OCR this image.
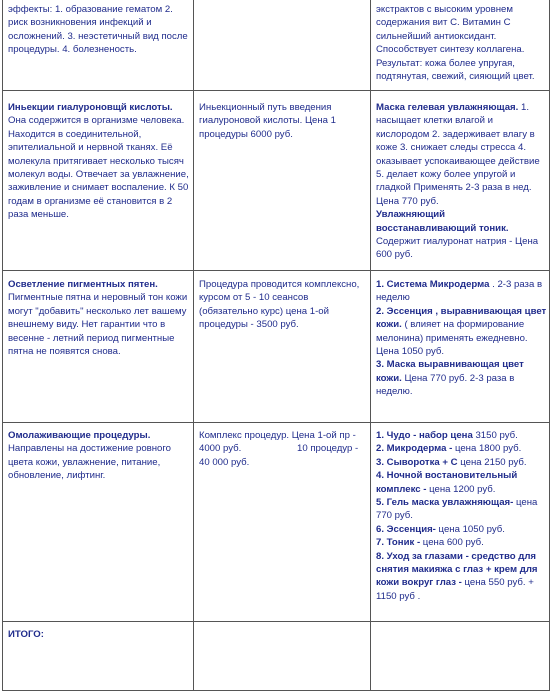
эффекты: 1. образование гематом 2. риск возникновения инфекций и осложнений. 3. неэстетичный вид после процедуры. 4. болезненость.

экстрактов с высоким уровнем содержания вит С. Витамин С сильнейший антиоксидант. Способствует синтезу коллагена. Результат: кожа более упругая, подтянутая, свежий, сияющий цвет.

Иньекции гиалуроновщй кислоты.

Она содержится в организме человека. Находится в соединительной, эпителиальной и нервной тканях. Её молекула притягивает несколько тысяч молекул воды. Отвечает за увлажнение, заживление и снимает воспаление. К 50 годам в организме её становится в 2 раза меньше.

Иньекционный путь введения гиалуроновой кислоты. Цена 1 процедуры 6000 руб.

Маска гелевая увлажняющая. 1. насыщает клетки влагой и кислородом 2. задерживает влагу в коже 3. снижает следы стресса 4. оказывает успокаивающее действие 5. делает кожу более упругой и гладкой Применять 2-3 раза в нед. Цена 770 руб.

Увлажняющий восстанавливающий тоник.
Содержит гиалуронат натрия - Цена 600 руб.

Осветление пигментных пятен.

Пигментные пятна и неровный тон кожи могут "добавить" несколько лет вашему внешнему виду. Нет гарантии что в весенне - летний период пигментные пятна не появятся снова.

Процедура проводится комплексно, курсом от 5 - 10 сеансов (обязательно курс) цена 1-ой процедуры - 3500 руб.

1. Система Микродерма . 2-3 раза в неделю

2. Эссенция , выравнивающая цвет кожи. ( влияет на формирование мелонина) применять ежедневно. Цена 1050 руб.

3. Маска выравнивающая цвет кожи. Цена 770 руб. 2-3 раза в неделю.

Омолаживающие процедуры.

Направлены на достижение ровного цвета кожи, увлажнение, питание, обновление, лифтинг.

Комплекс процедур. Цена 1-ой пр -

4000 руб.	10 процедур -

40 000 руб.

1. Чудо - набор цена 3150 руб.

2. Микродерма - цена 1800 руб.

3. Сыворотка + С цена 2150 руб.

4. Ночной востановительный комплекс - цена 1200 руб.

5. Гель маска увлажняющая- цена 770 руб.

6. Эссенция- цена 1050 руб.

7. Тоник - цена 600 руб.

8. Уход за глазами - средство для снятия макияжа с глаз + крем для кожи вокруг глаз - цена 550 руб. + 1150 руб .

ИТОГО:
